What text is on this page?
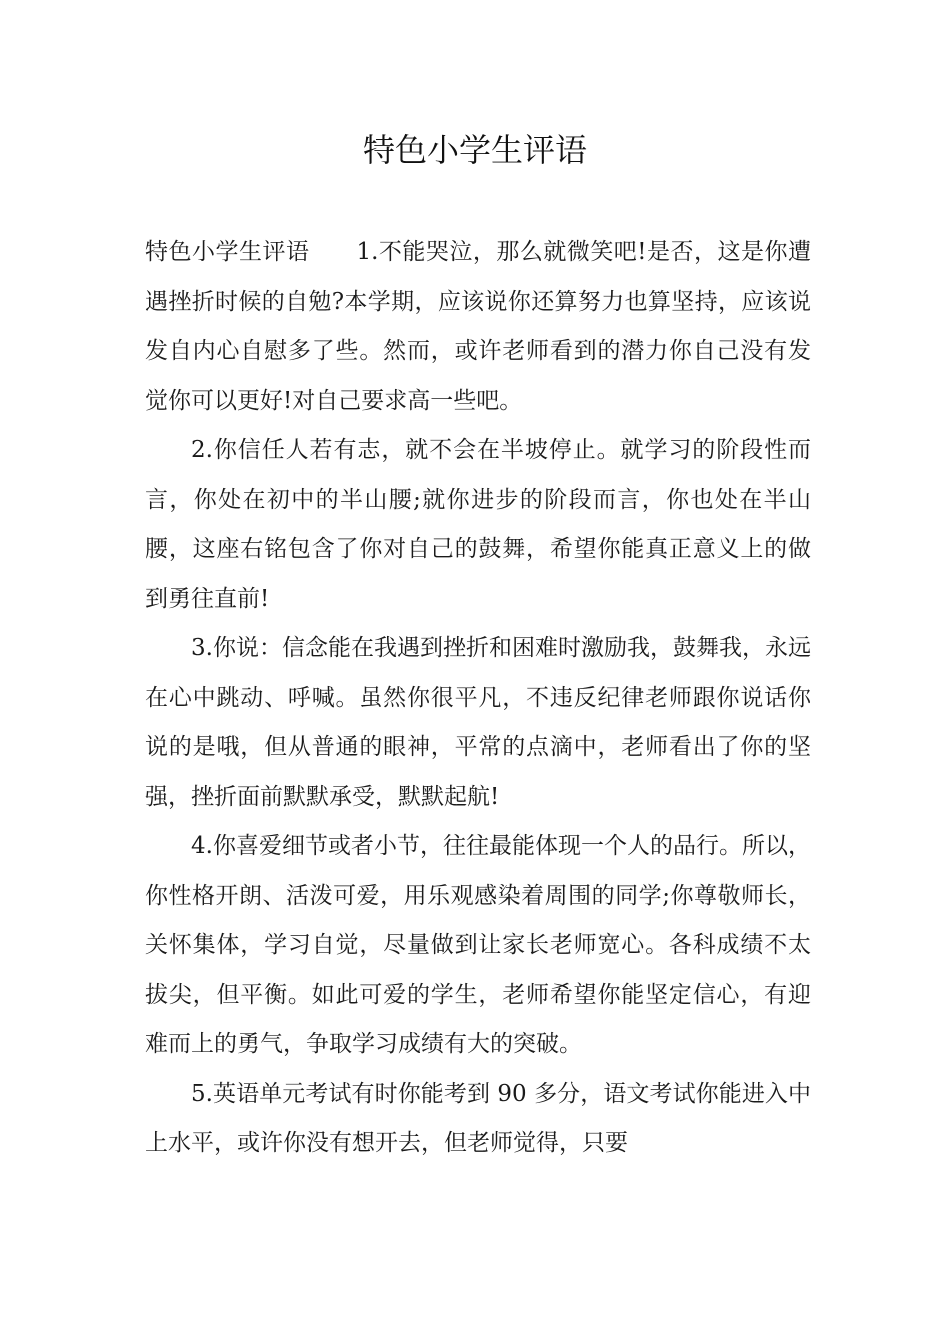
特色小学生评语

特色小学生评语　　1.不能哭泣，那么就微笑吧!是否，这是你遭遇挫折时候的自勉?本学期，应该说你还算努力也算坚持，应该说发自内心自慰多了些。然而，或许老师看到的潜力你自己没有发觉你可以更好!对自己要求高一些吧。

2.你信任人若有志，就不会在半坡停止。就学习的阶段性而言，你处在初中的半山腰;就你进步的阶段而言，你也处在半山腰，这座右铭包含了你对自己的鼓舞，希望你能真正意义上的做到勇往直前!

3.你说：信念能在我遇到挫折和困难时激励我，鼓舞我，永远在心中跳动、呼喊。虽然你很平凡，不违反纪律老师跟你说话你说的是哦，但从普通的眼神，平常的点滴中，老师看出了你的坚强，挫折面前默默承受，默默起航!

4.你喜爱细节或者小节，往往最能体现一个人的品行。所以，你性格开朗、活泼可爱，用乐观感染着周围的同学;你尊敬师长，关怀集体，学习自觉，尽量做到让家长老师宽心。各科成绩不太拔尖，但平衡。如此可爱的学生，老师希望你能坚定信心，有迎难而上的勇气，争取学习成绩有大的突破。

5.英语单元考试有时你能考到 90 多分，语文考试你能进入中上水平，或许你没有想开去，但老师觉得，只要
